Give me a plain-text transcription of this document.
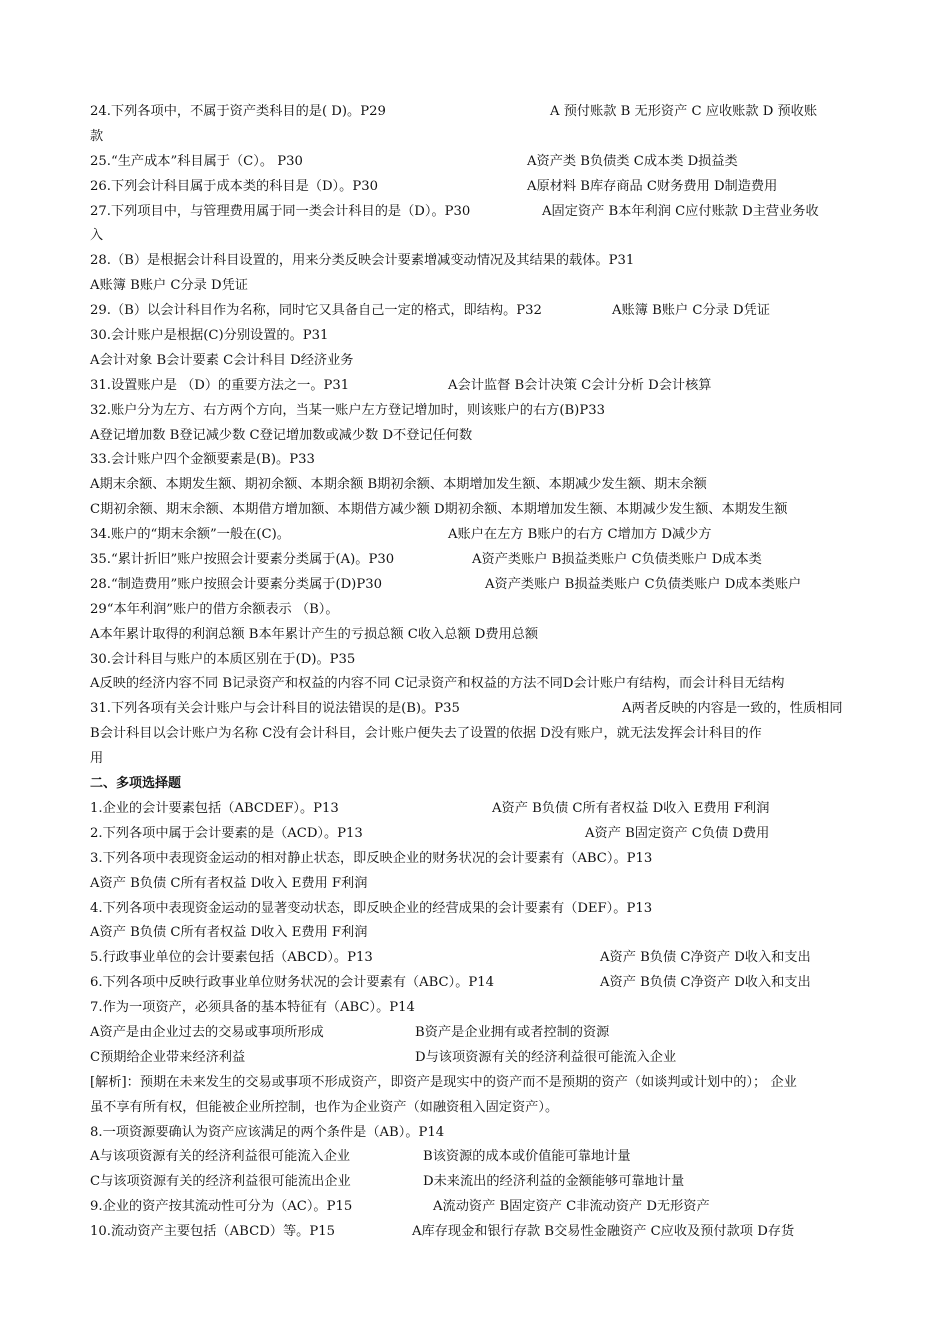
24.下列各项中，不属于资产类科目的是( D)。P29	A 预付账款 B 无形资产 C 应收账款 D 预收账
款
25.“生产成本”科目属于（C）。 P30	A资产类 B负债类 C成本类 D损益类
26.下列会计科目属于成本类的科目是（D）。P30	A原材料 B库存商品 C财务费用 D制造费用
27.下列项目中，与管理费用属于同一类会计科目的是（D）。P30	A固定资产 B本年利润 C应付账款 D主营业务收
入
28.（B）是根据会计科目设置的，用来分类反映会计要素增减变动情况及其结果的载体。P31
A账簿 B账户 C分录 D凭证
29.（B）以会计科目作为名称，同时它又具备自己一定的格式，即结构。P32	A账簿 B账户 C分录 D凭证
30.会计账户是根据(C)分别设置的。P31
A会计对象 B会计要素 C会计科目 D经济业务
31.设置账户是 （D）的重要方法之一。P31	A会计监督 B会计决策 C会计分析 D会计核算
32.账户分为左方、右方两个方向，当某一账户左方登记增加时，则该账户的右方(B)P33
A登记增加数 B登记减少数 C登记增加数或减少数 D不登记任何数
33.会计账户四个金额要素是(B)。P33
A期末余额、本期发生额、期初余额、本期余额 B期初余额、本期增加发生额、本期减少发生额、期末余额
C期初余额、期末余额、本期借方增加额、本期借方减少额 D期初余额、本期增加发生额、本期减少发生额、本期发生额
34.账户的“期末余额”一般在(C)。	A账户在左方 B账户的右方 C增加方 D减少方
35.“累计折旧”账户按照会计要素分类属于(A)。P30	A资产类账户 B损益类账户 C负债类账户 D成本类
28.“制造费用”账户按照会计要素分类属于(D)P30	A资产类账户 B损益类账户 C负债类账户 D成本类账户
29“本年利润”账户的借方余额表示 （B）。
A本年累计取得的利润总额 B本年累计产生的亏损总额 C收入总额 D费用总额
30.会计科目与账户的本质区别在于(D)。P35
A反映的经济内容不同 B记录资产和权益的内容不同 C记录资产和权益的方法不同D会计账户有结构，而会计科目无结构
31.下列各项有关会计账户与会计科目的说法错误的是(B)。P35	A两者反映的内容是一致的，性质相同
B会计科目以会计账户为名称 C没有会计科目，会计账户便失去了设置的依据 D没有账户，就无法发挥会计科目的作
用
二、多项选择题
1.企业的会计要素包括（ABCDEF）。P13	A资产 B负债 C所有者权益 D收入 E费用 F利润
2.下列各项中属于会计要素的是（ACD）。P13	A资产 B固定资产 C负债 D费用
3.下列各项中表现资金运动的相对静止状态，即反映企业的财务状况的会计要素有（ABC）。P13
A资产 B负债 C所有者权益 D收入 E费用 F利润
4.下列各项中表现资金运动的显著变动状态，即反映企业的经营成果的会计要素有（DEF）。P13
A资产 B负债 C所有者权益 D收入 E费用 F利润
5.行政事业单位的会计要素包括（ABCD）。P13	A资产 B负债 C净资产 D收入和支出
6.下列各项中反映行政事业单位财务状况的会计要素有（ABC）。P14	A资产 B负债 C净资产 D收入和支出
7.作为一项资产，必须具备的基本特征有（ABC）。P14
A资产是由企业过去的交易或事项所形成	B资产是企业拥有或者控制的资源
C预期给企业带来经济利益	D与该项资源有关的经济利益很可能流入企业
[解析]：预期在未来发生的交易或事项不形成资产，即资产是现实中的资产而不是预期的资产（如谈判或计划中的）； 企业
虽不享有所有权，但能被企业所控制，也作为企业资产（如融资租入固定资产）。
8.一项资源要确认为资产应该满足的两个条件是（AB）。P14
A与该项资源有关的经济利益很可能流入企业	B该资源的成本或价值能可靠地计量
C与该项资源有关的经济利益很可能流出企业	D未来流出的经济利益的金额能够可靠地计量
9.企业的资产按其流动性可分为（AC）。P15	A流动资产 B固定资产 C非流动资产 D无形资产
10.流动资产主要包括（ABCD）等。P15	A库存现金和银行存款 B交易性金融资产 C应收及预付款项 D存货
